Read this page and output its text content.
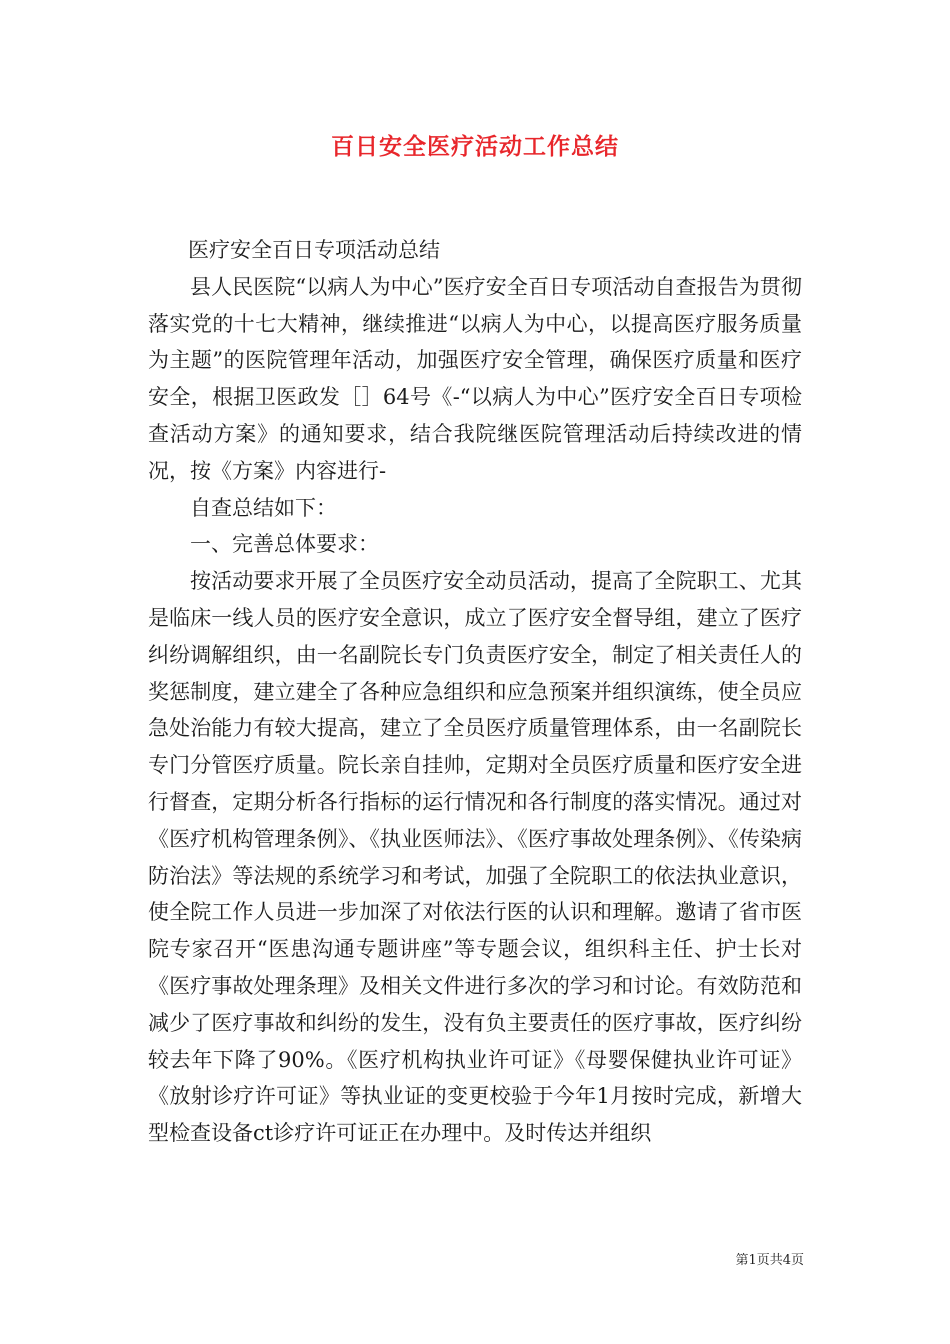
百日安全医疗活动工作总结

医疗安全百日专项活动总结

县人民医院“以病人为中心”医疗安全百日专项活动自查报告为贯彻落实党的十七大精神，继续推进“以病人为中心，以提高医疗服务质量为主题”的医院管理年活动，加强医疗安全管理，确保医疗质量和医疗安全，根据卫医政发［］64号《-“以病人为中心”医疗安全百日专项检查活动方案》的通知要求，结合我院继医院管理活动后持续改进的情况，按《方案》内容进行-

自查总结如下：

一、完善总体要求：

按活动要求开展了全员医疗安全动员活动，提高了全院职工、尤其是临床一线人员的医疗安全意识，成立了医疗安全督导组，建立了医疗纠纷调解组织，由一名副院长专门负责医疗安全，制定了相关责任人的奖惩制度，建立建全了各种应急组织和应急预案并组织演练，使全员应急处治能力有较大提高，建立了全员医疗质量管理体系，由一名副院长专门分管医疗质量。院长亲自挂帅，定期对全员医疗质量和医疗安全进行督查，定期分析各行指标的运行情况和各行制度的落实情况。通过对《医疗机构管理条例》、《执业医师法》、《医疗事故处理条例》、《传染病防治法》等法规的系统学习和考试，加强了全院职工的依法执业意识，使全院工作人员进一步加深了对依法行医的认识和理解。邀请了省市医院专家召开“医患沟通专题讲座”等专题会议，组织科主任、护士长对《医疗事故处理条理》及相关文件进行多次的学习和讨论。有效防范和减少了医疗事故和纠纷的发生，没有负主要责任的医疗事故，医疗纠纷较去年下降了90%。《医疗机构执业许可证》《母婴保健执业许可证》《放射诊疗许可证》等执业证的变更校验于今年1月按时完成，新增大型检查设备ct诊疗许可证正在办理中。及时传达并组织

第1页共4页
